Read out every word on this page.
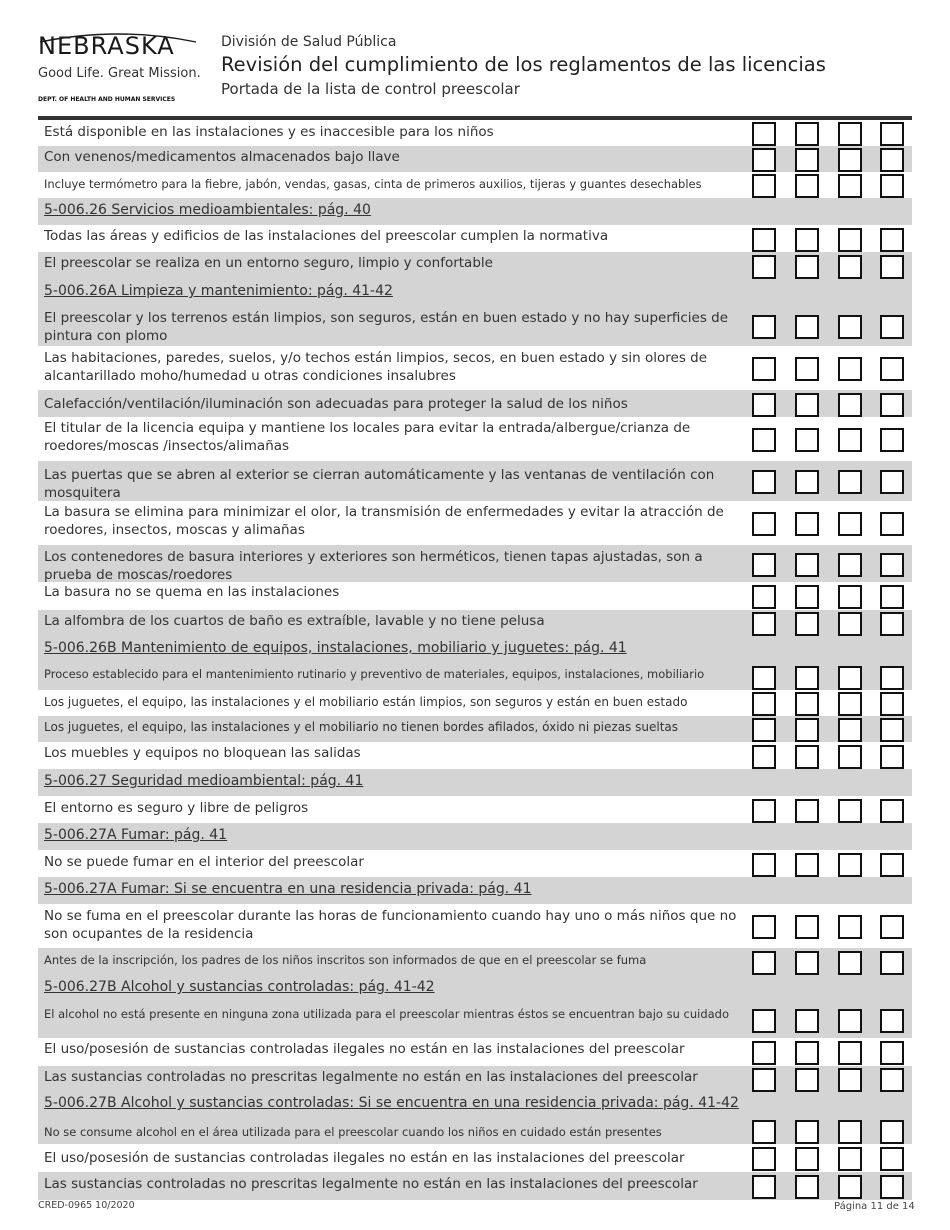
NEBRASKA
Good Life. Great Mission.
DEPT. OF HEALTH AND HUMAN SERVICES
División de Salud Pública
Revisión del cumplimiento de los reglamentos de las licencias
Portada de la lista de control preescolar
Está disponible en las instalaciones y es inaccesible para los niños
Con venenos/medicamentos almacenados bajo llave
Incluye termómetro para la fiebre, jabón, vendas, gasas, cinta de primeros auxilios, tijeras y guantes desechables
5-006.26 Servicios medioambientales: pág. 40
Todas las áreas y edificios de las instalaciones del preescolar cumplen la normativa
El preescolar se realiza en un entorno seguro, limpio y confortable
5-006.26A Limpieza y mantenimiento: pág. 41-42
El preescolar y los terrenos están limpios, son seguros, están en buen estado y no hay superficies de pintura con plomo
Las habitaciones, paredes, suelos, y/o techos están limpios, secos, en buen estado y sin olores de alcantarillado moho/humedad u otras condiciones insalubres
Calefacción/ventilación/iluminación son adecuadas para proteger la salud de los niños
El titular de la licencia equipa y mantiene los locales para evitar la entrada/albergue/crianza de roedores/moscas /insectos/alimañas
Las puertas que se abren al exterior se cierran automáticamente y las ventanas de ventilación con mosquitera
La basura se elimina para minimizar el olor, la transmisión de enfermedades y evitar la atracción de roedores, insectos, moscas y alimañas
Los contenedores de basura interiores y exteriores son herméticos, tienen tapas ajustadas, son a prueba de moscas/roedores
La basura no se quema en las instalaciones
La alfombra de los cuartos de baño es extraíble, lavable y no tiene pelusa
5-006.26B Mantenimiento de equipos, instalaciones, mobiliario y juguetes: pág. 41
Proceso establecido para el mantenimiento rutinario y preventivo de materiales, equipos, instalaciones, mobiliario
Los juguetes, el equipo, las instalaciones y el mobiliario están limpios, son seguros y están en buen estado
Los juguetes, el equipo, las instalaciones y el mobiliario no tienen bordes afilados, óxido ni piezas sueltas
Los muebles y equipos no bloquean las salidas
5-006.27 Seguridad medioambiental: pág. 41
El entorno es seguro y libre de peligros
5-006.27A Fumar: pág. 41
No se puede fumar en el interior del preescolar
5-006.27A Fumar: Si se encuentra en una residencia privada: pág. 41
No se fuma en el preescolar durante las horas de funcionamiento cuando hay uno o más niños que no son ocupantes de la residencia
Antes de la inscripción, los padres de los niños inscritos son informados de que en el preescolar se fuma
5-006.27B Alcohol y sustancias controladas: pág. 41-42
El alcohol no está presente en ninguna zona utilizada para el preescolar mientras éstos se encuentran bajo su cuidado
El uso/posesión de sustancias controladas ilegales no están en las instalaciones del preescolar
Las sustancias controladas no prescritas legalmente no están en las instalaciones del preescolar
5-006.27B Alcohol y sustancias controladas: Si se encuentra en una residencia privada: pág. 41-42
No se consume alcohol en el área utilizada para el preescolar cuando los niños en cuidado están presentes
El uso/posesión de sustancias controladas ilegales no están en las instalaciones del preescolar
Las sustancias controladas no prescritas legalmente no están en las instalaciones del preescolar
CRED-0965 10/2020	Página 11 de 14
